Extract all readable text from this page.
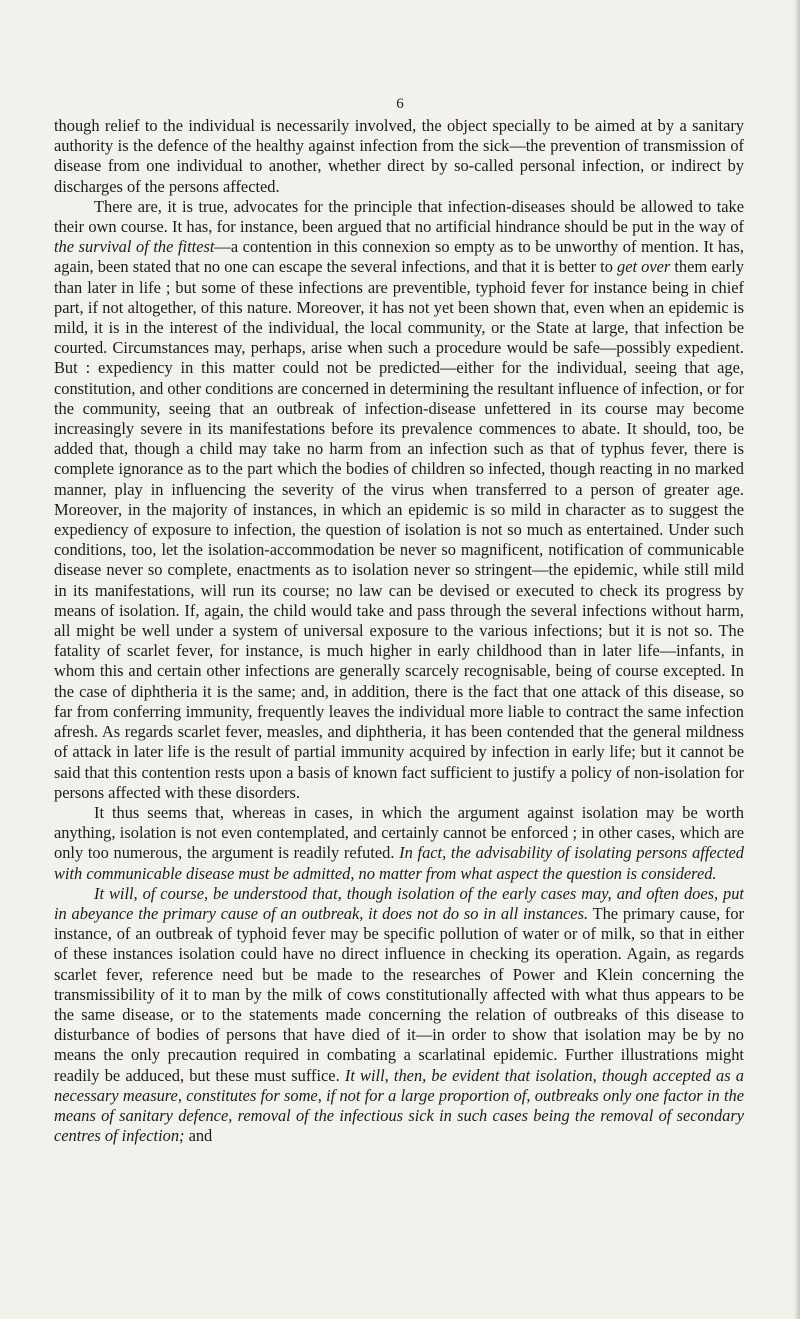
6

though relief to the individual is necessarily involved, the object specially to be aimed at by a sanitary authority is the defence of the healthy against infection from the sick—the prevention of transmission of disease from one individual to another, whether direct by so-called personal infection, or indirect by discharges of the persons affected.

There are, it is true, advocates for the principle that infection-diseases should be allowed to take their own course. It has, for instance, been argued that no artificial hindrance should be put in the way of the survival of the fittest—a contention in this connexion so empty as to be unworthy of mention. It has, again, been stated that no one can escape the several infections, and that it is better to get over them early than later in life ; but some of these infections are preventible, typhoid fever for instance being in chief part, if not altogether, of this nature. Moreover, it has not yet been shown that, even when an epidemic is mild, it is in the interest of the individual, the local community, or the State at large, that infection be courted. Circumstances may, perhaps, arise when such a procedure would be safe—possibly expedient. But : expediency in this matter could not be predicted—either for the individual, seeing that age, constitution, and other conditions are concerned in determining the resultant influence of infection, or for the community, seeing that an outbreak of infection-disease unfettered in its course may become increasingly severe in its manifestations before its prevalence commences to abate. It should, too, be added that, though a child may take no harm from an infection such as that of typhus fever, there is complete ignorance as to the part which the bodies of children so infected, though reacting in no marked manner, play in influencing the severity of the virus when transferred to a person of greater age. Moreover, in the majority of instances, in which an epidemic is so mild in character as to suggest the expediency of exposure to infection, the question of isolation is not so much as entertained. Under such conditions, too, let the isolation-accommodation be never so magnificent, notification of communicable disease never so complete, enactments as to isolation never so stringent—the epidemic, while still mild in its manifestations, will run its course; no law can be devised or executed to check its progress by means of isolation. If, again, the child would take and pass through the several infections without harm, all might be well under a system of universal exposure to the various infections; but it is not so. The fatality of scarlet fever, for instance, is much higher in early childhood than in later life—infants, in whom this and certain other infections are generally scarcely recognisable, being of course excepted. In the case of diphtheria it is the same; and, in addition, there is the fact that one attack of this disease, so far from conferring immunity, frequently leaves the individual more liable to contract the same infection afresh. As regards scarlet fever, measles, and diphtheria, it has been contended that the general mildness of attack in later life is the result of partial immunity acquired by infection in early life; but it cannot be said that this contention rests upon a basis of known fact sufficient to justify a policy of non-isolation for persons affected with these disorders.

It thus seems that, whereas in cases, in which the argument against isolation may be worth anything, isolation is not even contemplated, and certainly cannot be enforced ; in other cases, which are only too numerous, the argument is readily refuted. In fact, the advisability of isolating persons affected with communicable disease must be admitted, no matter from what aspect the question is considered.

It will, of course, be understood that, though isolation of the early cases may, and often does, put in abeyance the primary cause of an outbreak, it does not do so in all instances. The primary cause, for instance, of an outbreak of typhoid fever may be specific pollution of water or of milk, so that in either of these instances isolation could have no direct influence in checking its operation. Again, as regards scarlet fever, reference need but be made to the researches of Power and Klein concerning the transmissibility of it to man by the milk of cows constitutionally affected with what thus appears to be the same disease, or to the statements made concerning the relation of outbreaks of this disease to disturbance of bodies of persons that have died of it—in order to show that isolation may be by no means the only precaution required in combating a scarlatinal epidemic. Further illustrations might readily be adduced, but these must suffice. It will, then, be evident that isolation, though accepted as a necessary measure, constitutes for some, if not for a large proportion of, outbreaks only one factor in the means of sanitary defence, removal of the infectious sick in such cases being the removal of secondary centres of infection; and
